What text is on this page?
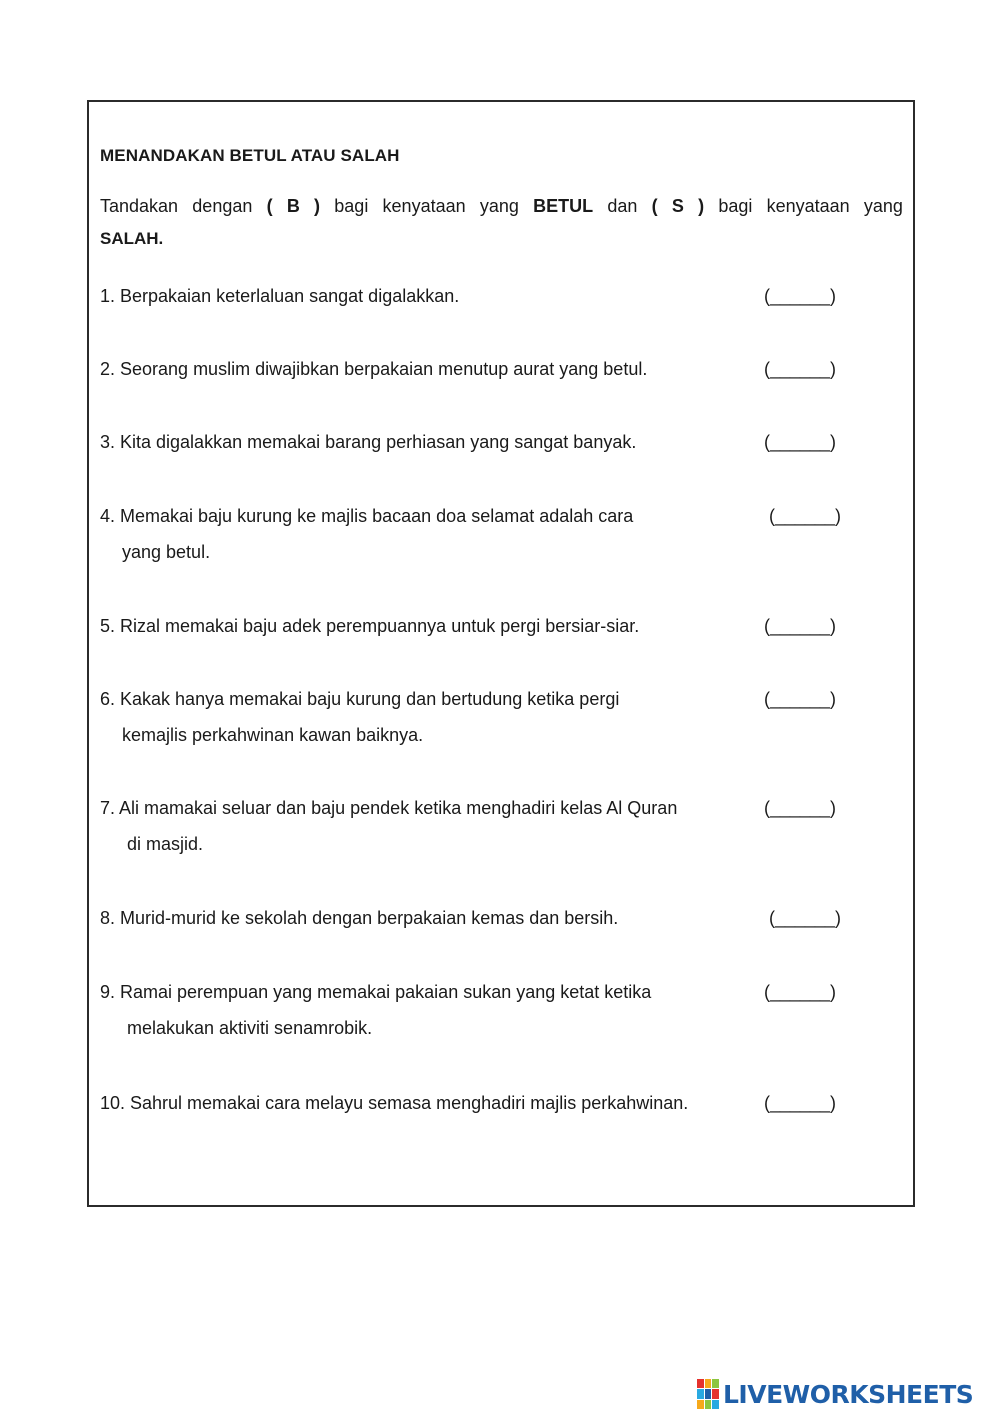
MENANDAKAN BETUL ATAU SALAH
Tandakan dengan ( B ) bagi kenyataan yang BETUL dan ( S ) bagi kenyataan yang
SALAH.
1. Berpakaian keterlaluan sangat digalakkan.	(______)
2. Seorang muslim diwajibkan berpakaian menutup aurat yang betul.	(______)
3. Kita digalakkan memakai barang perhiasan yang sangat banyak.	(______)
4. Memakai baju kurung ke majlis bacaan doa selamat adalah cara
yang betul.
(______)
5. Rizal memakai baju adek perempuannya untuk pergi bersiar-siar.	(______)
6. Kakak hanya memakai baju kurung dan bertudung ketika pergi
kemajlis perkahwinan kawan baiknya.
(______)
7. Ali mamakai seluar dan baju pendek ketika menghadiri kelas Al Quran
di masjid.
(______)
8. Murid-murid ke sekolah dengan berpakaian kemas dan bersih.	(______)
9. Ramai perempuan yang memakai pakaian sukan yang ketat ketika
melakukan aktiviti senamrobik.
(______)
10. Sahrul memakai cara melayu semasa menghadiri majlis perkahwinan.	(______)
LIVEWORKSHEETS
